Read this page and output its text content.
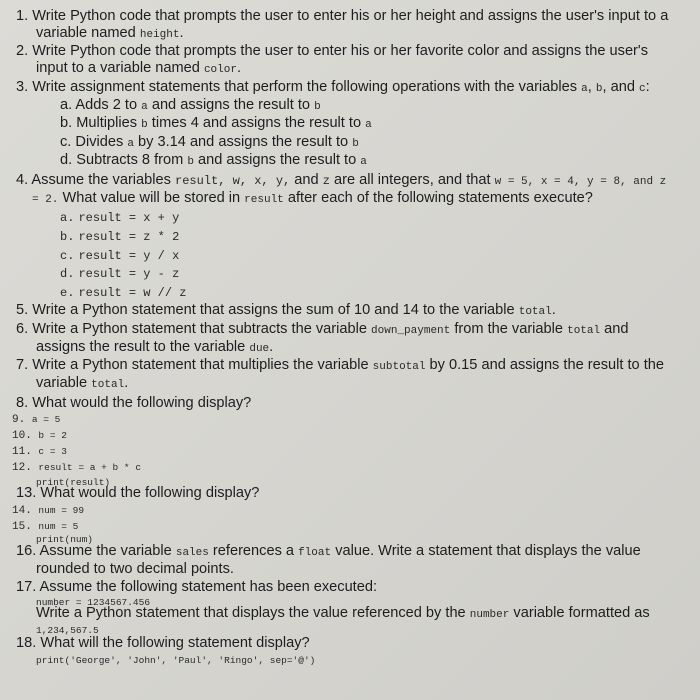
1. Write Python code that prompts the user to enter his or her height and assigns the user's input to a
variable named height.
2. Write Python code that prompts the user to enter his or her favorite color and assigns the user's
input to a variable named color.
3. Write assignment statements that perform the following operations with the variables a, b, and c:
a. Adds 2 to a and assigns the result to b
b. Multiplies b times 4 and assigns the result to a
c. Divides a by 3.14 and assigns the result to b
d. Subtracts 8 from b and assigns the result to a
4. Assume the variables result, w, x, y, and z are all integers, and that w = 5, x = 4, y = 8, and z
= 2. What value will be stored in result after each of the following statements execute?
a. result = x + y
b. result = z * 2
c. result = y / x
d. result = y - z
e. result = w // z
5. Write a Python statement that assigns the sum of 10 and 14 to the variable total.
6. Write a Python statement that subtracts the variable down_payment from the variable total and
assigns the result to the variable due.
7. Write a Python statement that multiplies the variable subtotal by 0.15 and assigns the result to the
variable total.
8. What would the following display?
9. a = 5
10. b = 2
11. c = 3
12. result = a + b * c
print(result)
13. What would the following display?
14. num = 99
15. num = 5
print(num)
16. Assume the variable sales references a float value. Write a statement that displays the value
rounded to two decimal points.
17. Assume the following statement has been executed:
number = 1234567.456
Write a Python statement that displays the value referenced by the number variable formatted as
1,234,567.5
18. What will the following statement display?
print('George', 'John', 'Paul', 'Ringo', sep='@')
